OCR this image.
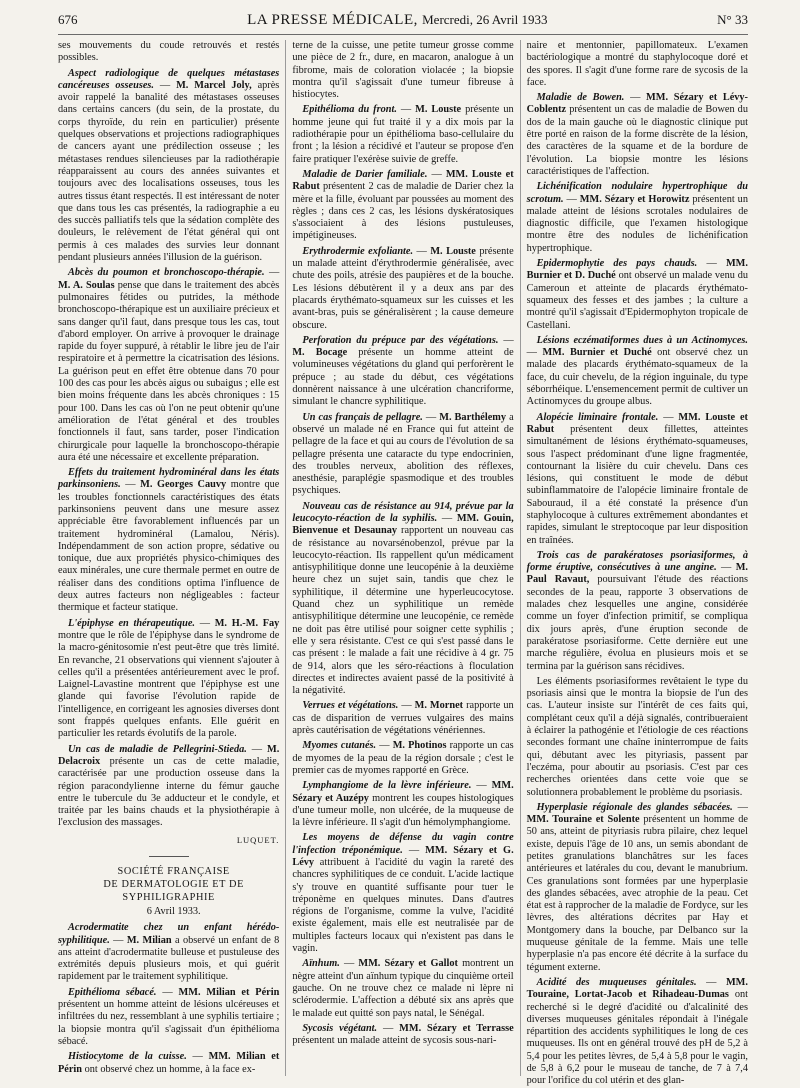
676	LA PRESSE MÉDICALE, Mercredi, 26 Avril 1933	N° 33

ses mouvements du coude retrouvés et restés possibles.

Aspect radiologique de quelques métastases cancéreuses osseuses. — M. Marcel Joly, après avoir rappelé la banalité des métastases osseuses dans certains cancers (du sein, de la prostate, du corps thyroïde, du rein en particulier) présente quelques observations et projections radiographiques de cancers ayant une prédilection osseuse ; les métastases rendues silencieuses par la radiothérapie réapparaissent au cours des années suivantes et toujours avec des localisations osseuses, tous les autres tissus étant respectés. Il est intéressant de noter que dans tous les cas présentés, la radiographie a eu des succès palliatifs tels que la sédation complète des douleurs, le relèvement de l'état général qui ont permis à ces malades des survies leur donnant pendant plusieurs années l'illusion de la guérison.

Abcès du poumon et bronchoscopo-thérapie. — M. A. Soulas pense que dans le traitement des abcès pulmonaires fétides ou putrides, la méthode bronchoscopo-thérapique est un auxiliaire précieux et sans danger qu'il faut, dans presque tous les cas, tout d'abord employer. On arrive à provoquer le drainage rapide du foyer suppuré, à rétablir le libre jeu de l'air respiratoire et à permettre la cicatrisation des lésions. La guérison peut en effet être obtenue dans 70 pour 100 des cas pour les abcès aigus ou subaigus ; elle est bien moins fréquente dans les abcès chroniques : 15 pour 100. Dans les cas où l'on ne peut obtenir qu'une amélioration de l'état général et des troubles fonctionnels il faut, sans tarder, poser l'indication chirurgicale pour laquelle la bronchoscopo-thérapie aura été une nécessaire et excellente préparation.

Effets du traitement hydrominéral dans les états parkinsoniens. — M. Georges Cauvy montre que les troubles fonctionnels caractéristiques des états parkinsoniens peuvent dans une mesure assez appréciable être favorablement influencés par un traitement hydrominéral (Lamalou, Néris). Indépendamment de son action propre, sédative ou tonique, due aux propriétés physico-chimiques des eaux minérales, une cure thermale permet en outre de réaliser dans des conditions optima l'influence de deux autres facteurs non négligeables : facteur thermique et facteur statique.

L'épiphyse en thérapeutique. — M. H.-M. Fay montre que le rôle de l'épiphyse dans le syndrome de la macro-génitosomie n'est peut-être que très limité. En revanche, 21 observations qui viennent s'ajouter à celles qu'il a présentées antérieurement avec le prof. Laignel-Lavastine montrent que l'épiphyse est une glande qui favorise l'évolution rapide de l'intelligence, en corrigeant les agnosies diverses dont sont frappés quelques enfants. Elle guérit en particulier les retards évolutifs de la parole.

Un cas de maladie de Pellegrini-Stieda. — M. Delacroix présente un cas de cette maladie, caractérisée par une production osseuse dans la région paracondylienne interne du fémur gauche entre le tubercule du 3e adducteur et le condyle, et traitée par les bains chauds et la physiothérapie à l'exclusion des massages.

LUQUET.

SOCIÉTÉ FRANÇAISE

DE DERMATOLOGIE ET DE SYPHILIGRAPHIE

6 Avril 1933.

Acrodermatite chez un enfant hérédo-syphilitique. — M. Milian a observé un enfant de 8 ans atteint d'acrodermatite bulleuse et pustuleuse des extrémités depuis plusieurs mois, et qui guérit rapidement par le traitement syphilitique.

Epithélioma sébacé. — MM. Milian et Périn présentent un homme atteint de lésions ulcéreuses et infiltrées du nez, ressemblant à une syphilis tertiaire ; la biopsie montra qu'il s'agissait d'un épithélioma sébacé.

Histiocytome de la cuisse. — MM. Milian et Périn ont observé chez un homme, à la face ex-

terne de la cuisse, une petite tumeur grosse comme une pièce de 2 fr., dure, en macaron, analogue à un fibrome, mais de coloration violacée ; la biopsie montra qu'il s'agissait d'une tumeur fibreuse à histiocytes.

Epithélioma du front. — M. Louste présente un homme jeune qui fut traité il y a dix mois par la radiothérapie pour un épithélioma baso-cellulaire du front ; la lésion a récidivé et l'auteur se propose d'en faire pratiquer l'exérèse suivie de greffe.

Maladie de Darier familiale. — MM. Louste et Rabut présentent 2 cas de maladie de Darier chez la mère et la fille, évoluant par poussées au moment des règles ; dans ces 2 cas, les lésions dyskératosiques s'associaient à des lésions pustuleuses, impétigineuses.

Erythrodermie exfoliante. — M. Louste présente un malade atteint d'érythrodermie généralisée, avec chute des poils, atrésie des paupières et de la bouche. Les lésions débutèrent il y a deux ans par des placards érythémato-squameux sur les cuisses et les avant-bras, puis se généralisèrent ; la cause demeure obscure.

Perforation du prépuce par des végétations. — M. Bocage présente un homme atteint de volumineuses végétations du gland qui perforèrent le prépuce ; au stade du début, ces végétations donnèrent naissance à une ulcération chancriforme, simulant le chancre syphilitique.

Un cas français de pellagre. — M. Barthélemy a observé un malade né en France qui fut atteint de pellagre de la face et qui au cours de l'évolution de sa pellagre présenta une cataracte du type endocrinien, des troubles nerveux, abolition des réflexes, anesthésie, paraplégie spasmodique et des troubles psychiques.

Nouveau cas de résistance au 914, prévue par la leucocyto-réaction de la syphilis. — MM. Gouin, Bienvenue et Desaunay rapportent un nouveau cas de résistance au novarsénobenzol, prévue par la leucocyto-réaction. Ils rappellent qu'un médicament antisyphilitique donne une leucopénie à la deuxième heure chez un sujet sain, tandis que chez le syphilitique, il détermine une hyperleucocytose. Quand chez un syphilitique un remède antisyphilitique détermine une leucopénie, ce remède ne doit pas être utilisé pour soigner cette syphilis ; elle y sera résistante. C'est ce qui s'est passé dans le cas présent : le malade a fait une récidive à 4 gr. 75 de 914, alors que les séro-réactions à floculation directes et indirectes avaient passé de la positivité à la négativité.

Verrues et végétations. — M. Mornet rapporte un cas de disparition de verrues vulgaires des mains après cautérisation de végétations vénériennes.

Myomes cutanés. — M. Photinos rapporte un cas de myomes de la peau de la région dorsale ; c'est le premier cas de myomes rapporté en Grèce.

Lymphangiome de la lèvre inférieure. — MM. Sézary et Auzépy montrent les coupes histologiques d'une tumeur molle, non ulcérée, de la muqueuse de la lèvre inférieure. Il s'agit d'un hémolymphangiome.

Les moyens de défense du vagin contre l'infection tréponémique. — MM. Sézary et G. Lévy attribuent à l'acidité du vagin la rareté des chancres syphilitiques de ce conduit. L'acide lactique s'y trouve en quantité suffisante pour tuer le tréponème en quelques minutes. Dans d'autres régions de l'organisme, comme la vulve, l'acidité existe également, mais elle est neutralisée par de multiples facteurs locaux qui n'existent pas dans le vagin.

Aïnhum. — MM. Sézary et Gallot montrent un nègre atteint d'un aïnhum typique du cinquième orteil gauche. On ne trouve chez ce malade ni lèpre ni sclérodermie. L'affection a débuté six ans après que le malade eut quitté son pays natal, le Sénégal.

Sycosis végétant. — MM. Sézary et Terrasse présentent un malade atteint de sycosis sous-nari-

naire et mentonnier, papillomateux. L'examen bactériologique a montré du staphylocoque doré et des spores. Il s'agit d'une forme rare de sycosis de la face.

Maladie de Bowen. — MM. Sézary et Lévy-Coblentz présentent un cas de maladie de Bowen du dos de la main gauche où le diagnostic clinique put être porté en raison de la forme discrète de la lésion, des caractères de la squame et de la bordure de l'évolution. La biopsie montre les lésions caractéristiques de l'affection.

Lichénification nodulaire hypertrophique du scrotum. — MM. Sézary et Horowitz présentent un malade atteint de lésions scrotales nodulaires de diagnostic difficile, que l'examen histologique montre être des nodules de lichénification hypertrophique.

Epidermophytie des pays chauds. — MM. Burnier et D. Duché ont observé un malade venu du Cameroun et atteinte de placards érythémato-squameux des fesses et des jambes ; la culture a montré qu'il s'agissait d'Epidermophyton tropicale de Castellani.

Lésions eczématiformes dues à un Actinomyces. — MM. Burnier et Duché ont observé chez un malade des placards érythémato-squameux de la face, du cuir chevelu, de la région inguinale, du type séborrhéique. L'ensemencement permit de cultiver un Actinomyces du groupe albus.

Alopécie liminaire frontale. — MM. Louste et Rabut présentent deux fillettes, atteintes simultanément de lésions érythémato-squameuses, sous l'aspect prédominant d'une ligne fragmentée, contournant la lisière du cuir chevelu. Dans ces lésions, qui constituent le mode de début subinflammatoire de l'alopécie liminaire frontale de Sabouraud, il a été constaté la présence d'un staphylocoque à cultures extrêmement abondantes et rapides, simulant le streptocoque par leur disposition en traînées.

Trois cas de parakératoses psoriasiformes, à forme éruptive, consécutives à une angine. — M. Paul Ravaut, poursuivant l'étude des réactions secondes de la peau, rapporte 3 observations de malades chez lesquelles une angine, considérée comme un foyer d'infection primitif, se compliqua dix jours après, d'une éruption seconde de parakératose psoriasiforme. Cette dernière eut une marche régulière, évolua en plusieurs mois et se termina par la guérison sans récidives.

Les éléments psoriasiformes revêtaient le type du psoriasis ainsi que le montra la biopsie de l'un des cas. L'auteur insiste sur l'intérêt de ces faits qui, complétant ceux qu'il a déjà signalés, contribueraient à éclairer la pathogénie et l'étiologie de ces réactions secondes formant une chaîne ininterrompue de faits qui, débutant avec les pityriasis, passent par l'eczéma, pour aboutir au psoriasis. C'est par ces recherches orientées dans cette voie que se solutionnera probablement le problème du psoriasis.

Hyperplasie régionale des glandes sébacées. — MM. Touraine et Solente présentent un homme de 50 ans, atteint de pityriasis rubra pilaire, chez lequel existe, depuis l'âge de 10 ans, un semis abondant de petites granulations blanchâtres sur les faces antérieures et latérales du cou, devant le manubrium. Ces granulations sont formées par une hyperplasie des glandes sébacées, avec atrophie de la peau. Cet état est à rapprocher de la maladie de Fordyce, sur les lèvres, des altérations décrites par Hay et Montgomery dans la bouche, par Delbanco sur la muqueuse génitale de la femme. Mais une telle hyperplasie n'a pas encore été décrite à la surface du tégument externe.

Acidité des muqueuses génitales. — MM. Touraine, Lortat-Jacob et Rihadeau-Dumas ont recherché si le degré d'acidité ou d'alcalinité des diverses muqueuses génitales répondait à l'inégale répartition des accidents syphilitiques le long de ces muqueuses. Ils ont en général trouvé des pH de 5,2 à 5,4 pour les petites lèvres, de 5,4 à 5,8 pour le vagin, de 5,8 à 6,2 pour le museau de tanche, de 7 à 7,4 pour l'orifice du col utérin et des glan-
